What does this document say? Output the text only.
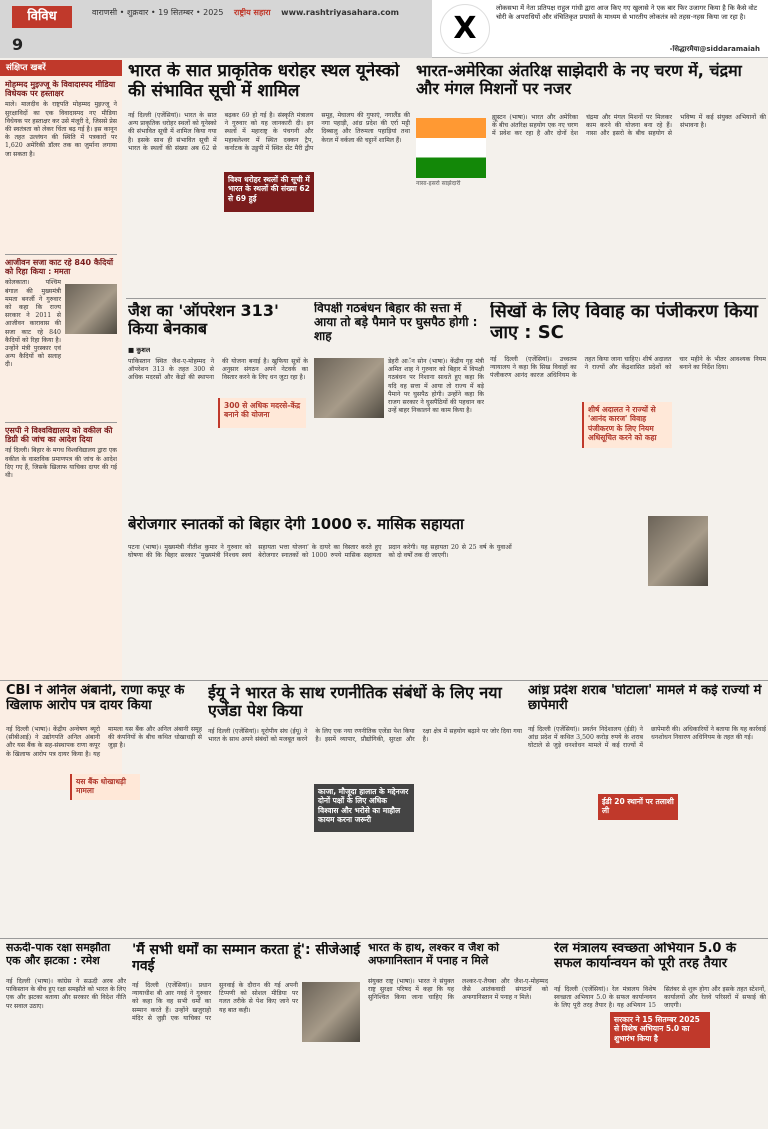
विविध
9
वाराणसी • शुक्रवार • 19 सितम्बर • 2025 राष्ट्रीय सहारा www.rashtriyasahara.com	X
लोकसभा में नेता प्रतिपक्ष राहुल गांधी द्वारा आज किए गए खुलासे ने एक बार फिर उजागर किया है कि कैसे वोट चोरी के अपराधियों और वंचितिकृत प्रयासों के माध्यम से भारतीय लोकतंत्र को तहस-नहस किया जा रहा है।
-सिद्धारमैया@siddaramaiah
संक्षिप्त खबरें
मोहम्मद मुइज्जू के विवादास्पद मीडिया विधेयक पर हस्ताक्षर
माले। मालदीव के राष्ट्रपति मोहम्मद मुइज्जू ने सुरक्षाविदों का एक विवादास्पद नए मीडिया विधेयक पर हस्ताक्षर कर उसे मंजूरी दे, जिससे प्रेस की स्वतंत्रता को लेकर चिंता बढ़ गई है। इस कानून के तहत उल्लंघन की स्थिति में पत्रकारों पर 1,620 अमेरिकी डॉलर तक का जुर्माना लगाया जा सकता है।
आजीवन सजा काट रहे 840 कैदियों को रिहा किया : ममता
कोलकाता। पश्चिम बंगाल की मुख्यमंत्री ममता बनर्जी ने गुरुवार को कहा कि राज्य सरकार ने 2011 से आजीवन कारावास की सजा काट रहे 840 कैदियों को रिहा किया है। उन्होंने मंत्री पुरस्कार एवं अन्य कैदियों को सलाह दी।
एसपी ने विश्वविद्यालय को वकील की डिग्री की जांच का आदेश दिया
नई दिल्ली। बिहार के मगध विश्वविद्यालय द्वारा एक वकील के वास्तविक प्रमाणपत्र की जांच के आदेश दिए गए हैं, जिसके खिलाफ याचिका दायर की गई थी।
भारत के सात प्राकृतिक धरोहर स्थल यूनेस्को की संभावित सूची में शामिल
नई दिल्ली (एजेंसियां)। भारत के सात अन्य प्राकृतिक धरोहर स्थलों को यूनेस्को की संभावित सूची में शामिल किया गया है। इसके साथ ही संभावित सूची में भारत के स्थलों की संख्या अब 62 से बढ़कर 69 हो गई है। संस्कृति मंत्रालय ने गुरुवार को यह जानकारी दी। इन स्थलों में महाराष्ट्र के पंचगनी और महाबलेश्वर में स्थित दक्कन ट्रैप, कर्नाटक के उडुपी में स्थित सेंट मैरी द्वीप समूह, मेघालय की गुफाएं, नगालैंड की नगा पहाड़ी, आंध्र प्रदेश की एर्रा मट्टी दिब्बालु और तिरुमला पहाड़ियां तथा केरल में वर्कला की चट्टानें शामिल हैं।
विश्व धरोहर स्थलों की सूची में भारत के स्थलों की संख्या 62 से 69 हुई
भारत-अमेरिका अंतरिक्ष साझेदारी के नए चरण में, चंद्रमा और मंगल मिशनों पर नजर
नासा-इसरो साझेदारी
ह्यूस्टन (भाषा)। भारत और अमेरिका के बीच अंतरिक्ष सहयोग एक नए चरण में प्रवेश कर रहा है और दोनों देश चंद्रमा और मंगल मिशनों पर मिलकर काम करने की योजना बना रहे हैं। नासा और इसरो के बीच सहयोग से भविष्य में कई संयुक्त अभियानों की संभावना है।
जैश का 'ऑपरेशन 313' किया बेनकाब
■ कुशल
पाकिस्तान स्थित जैश-ए-मोहम्मद ने ऑपरेशन 313 के तहत 300 से अधिक मदरसों और केंद्रों की स्थापना की योजना बनाई है। खुफिया सूत्रों के अनुसार संगठन अपने नेटवर्क का विस्तार करने के लिए धन जुटा रहा है।
300 से अधिक मदरसे-केंद्र बनाने की योजना
विपक्षी गठबंधन बिहार की सत्ता में आया तो बड़े पैमाने पर घुसपैठ होगी : शाह
डेहरी आॅन सोन (भाषा)। केंद्रीय गृह मंत्री अमित शाह ने गुरुवार को बिहार में विपक्षी गठबंधन पर निशाना साधते हुए कहा कि यदि वह सत्ता में आया तो राज्य में बड़े पैमाने पर घुसपैठ होगी। उन्होंने कहा कि राजग सरकार ने घुसपैठियों की पहचान कर उन्हें बाहर निकालने का काम किया है।
सिखों के लिए विवाह का पंजीकरण किया जाए : SC
नई दिल्ली (एजेंसियां)। उच्चतम न्यायालय ने कहा कि सिख विवाहों का पंजीकरण आनंद कारज अधिनियम के तहत किया जाना चाहिए। शीर्ष अदालत ने राज्यों और केंद्रशासित प्रदेशों को चार महीने के भीतर आवश्यक नियम बनाने का निर्देश दिया।
शीर्ष अदालत ने राज्यों से 'आनंद कारज' विवाह पंजीकरण के लिए नियम अधिसूचित करने को कहा
बेरोजगार स्नातकों को बिहार देगी 1000 रु. मासिक सहायता
पटना (भाषा)। मुख्यमंत्री नीतीश कुमार ने गुरुवार को घोषणा की कि बिहार सरकार 'मुख्यमंत्री निश्चय स्वयं सहायता भत्ता योजना' के दायरे का विस्तार करते हुए बेरोजगार स्नातकों को 1000 रुपये मासिक सहायता प्रदान करेगी। यह सहायता 20 से 25 वर्ष के युवाओं को दो वर्षों तक दी जाएगी।
CBI ने अनिल अंबानी, राणा कपूर के खिलाफ आरोप पत्र दायर किया
नई दिल्ली (भाषा)। केंद्रीय अन्वेषण ब्यूरो (सीबीआई) ने उद्योगपति अनिल अंबानी और यस बैंक के सह-संस्थापक राणा कपूर के खिलाफ आरोप पत्र दायर किया है। यह मामला यस बैंक और अनिल अंबानी समूह की कंपनियों के बीच कथित धोखाधड़ी से जुड़ा है।
यस बैंक धोखाधड़ी मामला
ईयू ने भारत के साथ रणनीतिक संबंधों के लिए नया एजेंडा पेश किया
नई दिल्ली (एजेंसियां)। यूरोपीय संघ (ईयू) ने भारत के साथ अपने संबंधों को मजबूत करने के लिए एक नया रणनीतिक एजेंडा पेश किया है। इसमें व्यापार, प्रौद्योगिकी, सुरक्षा और रक्षा क्षेत्र में सहयोग बढ़ाने पर जोर दिया गया है।
काजा, मौजूदा हालात के मद्देनजर दोनों पक्षों के लिए अधिक विश्वास और भरोसे का माहौल कायम करना जरूरी
आंध्र प्रदेश शराब 'घोटाला' मामले में कई राज्यों में छापेमारी
नई दिल्ली (एजेंसियां)। प्रवर्तन निदेशालय (ईडी) ने आंध्र प्रदेश में कथित 3,500 करोड़ रुपये के शराब घोटाले से जुड़े धनशोधन मामले में कई राज्यों में छापेमारी की। अधिकारियों ने बताया कि यह कार्रवाई धनशोधन निवारण अधिनियम के तहत की गई।
ईडी 20 स्थानों पर तलाशी ली
सऊदी-पाक रक्षा समझौता एक और झटका : रमेश
नई दिल्ली (भाषा)। कांग्रेस ने सऊदी अरब और पाकिस्तान के बीच हुए रक्षा समझौते को भारत के लिए एक और झटका बताया और सरकार की विदेश नीति पर सवाल उठाए।
'मैं सभी धर्मों का सम्मान करता हूं': सीजेआई गवई
नई दिल्ली (एजेंसियां)। प्रधान न्यायाधीश बी आर गवई ने गुरुवार को कहा कि वह सभी धर्मों का सम्मान करते हैं। उन्होंने खजुराहो मंदिर से जुड़ी एक याचिका पर सुनवाई के दौरान की गई अपनी टिप्पणी को सोशल मीडिया पर गलत तरीके से पेश किए जाने पर यह बात कही।
भारत के हाथ, लश्कर व जैश को अफगानिस्तान में पनाह न मिले
संयुक्त राष्ट्र (भाषा)। भारत ने संयुक्त राष्ट्र सुरक्षा परिषद में कहा कि यह सुनिश्चित किया जाना चाहिए कि लश्कर-ए-तैयबा और जैश-ए-मोहम्मद जैसे आतंकवादी संगठनों को अफगानिस्तान में पनाह न मिले।
रेल मंत्रालय स्वच्छता अभियान 5.0 के सफल कार्यान्वयन को पूरी तरह तैयार
नई दिल्ली (एजेंसियां)। रेल मंत्रालय विशेष स्वच्छता अभियान 5.0 के सफल कार्यान्वयन के लिए पूरी तरह तैयार है। यह अभियान 15 सितंबर से शुरू होगा और इसके तहत स्टेशनों, कार्यालयों और रेलवे परिसरों में सफाई की जाएगी।
सरकार ने 15 सितम्बर 2025 से विशेष अभियान 5.0 का शुभारंभ किया है
